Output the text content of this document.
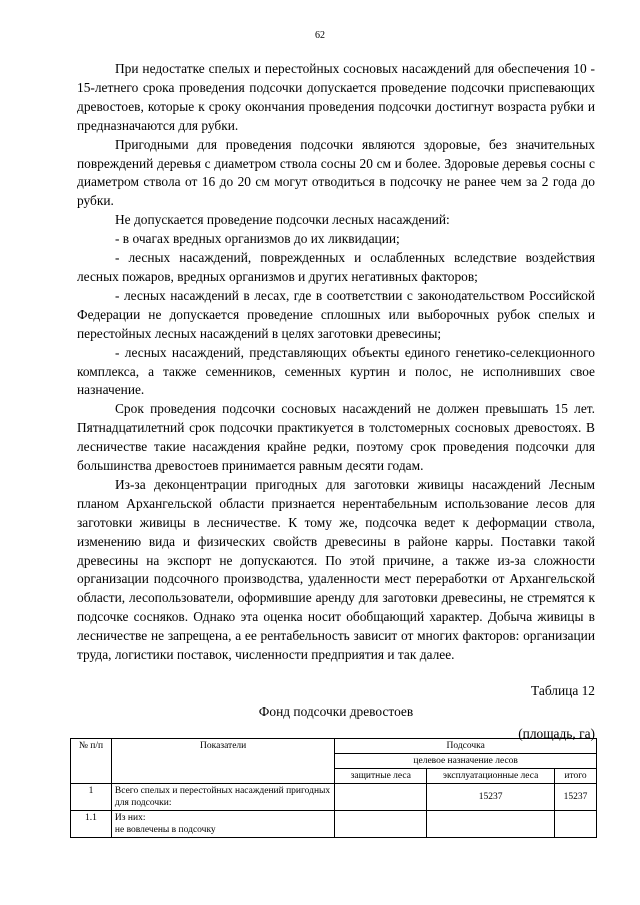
62

При недостатке спелых и перестойных сосновых насаждений для обеспечения 10 - 15-летнего срока проведения подсочки допускается проведение подсочки приспевающих древостоев, которые к сроку окончания проведения подсочки достигнут возраста рубки и предназначаются для рубки.

Пригодными для проведения подсочки являются здоровые, без значительных повреждений деревья с диаметром ствола сосны 20 см и более. Здоровые деревья сосны с диаметром ствола от 16 до 20 см могут отводиться в подсочку не ранее чем за 2 года до рубки.

Не допускается проведение подсочки лесных насаждений:

- в очагах вредных организмов до их ликвидации;

- лесных насаждений, поврежденных и ослабленных вследствие воздействия лесных пожаров, вредных организмов и других негативных факторов;

- лесных насаждений в лесах, где в соответствии с законодательством Российской Федерации не допускается проведение сплошных или выборочных рубок спелых и перестойных лесных насаждений в целях заготовки древесины;

- лесных насаждений, представляющих объекты единого генетико-селекционного комплекса, а также семенников, семенных куртин и полос, не исполнивших свое назначение.

Срок проведения подсочки сосновых насаждений не должен превышать 15 лет. Пятнадцатилетний срок подсочки практикуется в толстомерных сосновых древостоях. В лесничестве такие насаждения крайне редки, поэтому срок проведения подсочки для большинства древостоев принимается равным десяти годам.

Из-за деконцентрации пригодных для заготовки живицы насаждений Лесным планом Архангельской области признается нерентабельным использование лесов для заготовки живицы в лесничестве. К тому же, подсочка ведет к деформации ствола, изменению вида и физических свойств древесины в районе карры. Поставки такой древесины на экспорт не допускаются. По этой причине, а также из-за сложности организации подсочного производства, удаленности мест переработки от Архангельской области, лесопользователи, оформившие аренду для заготовки древесины, не стремятся к подсочке сосняков. Однако эта оценка носит обобщающий характер. Добыча живицы в лесничестве не запрещена, а ее рентабельность зависит от многих факторов: организации труда, логистики поставок, численности предприятия и так далее.

Таблица 12
Фонд подсочки древостоев
(площадь, га)
№ п/п	Показатели	Подсочка		
		целевое назначение лесов		
		защитные леса	эксплуатационные леса	итого
1	Всего спелых и перестойных насаждений пригодных для подсочки:		15237	15237
1.1	Из них:
не вовлечены в подсочку			
